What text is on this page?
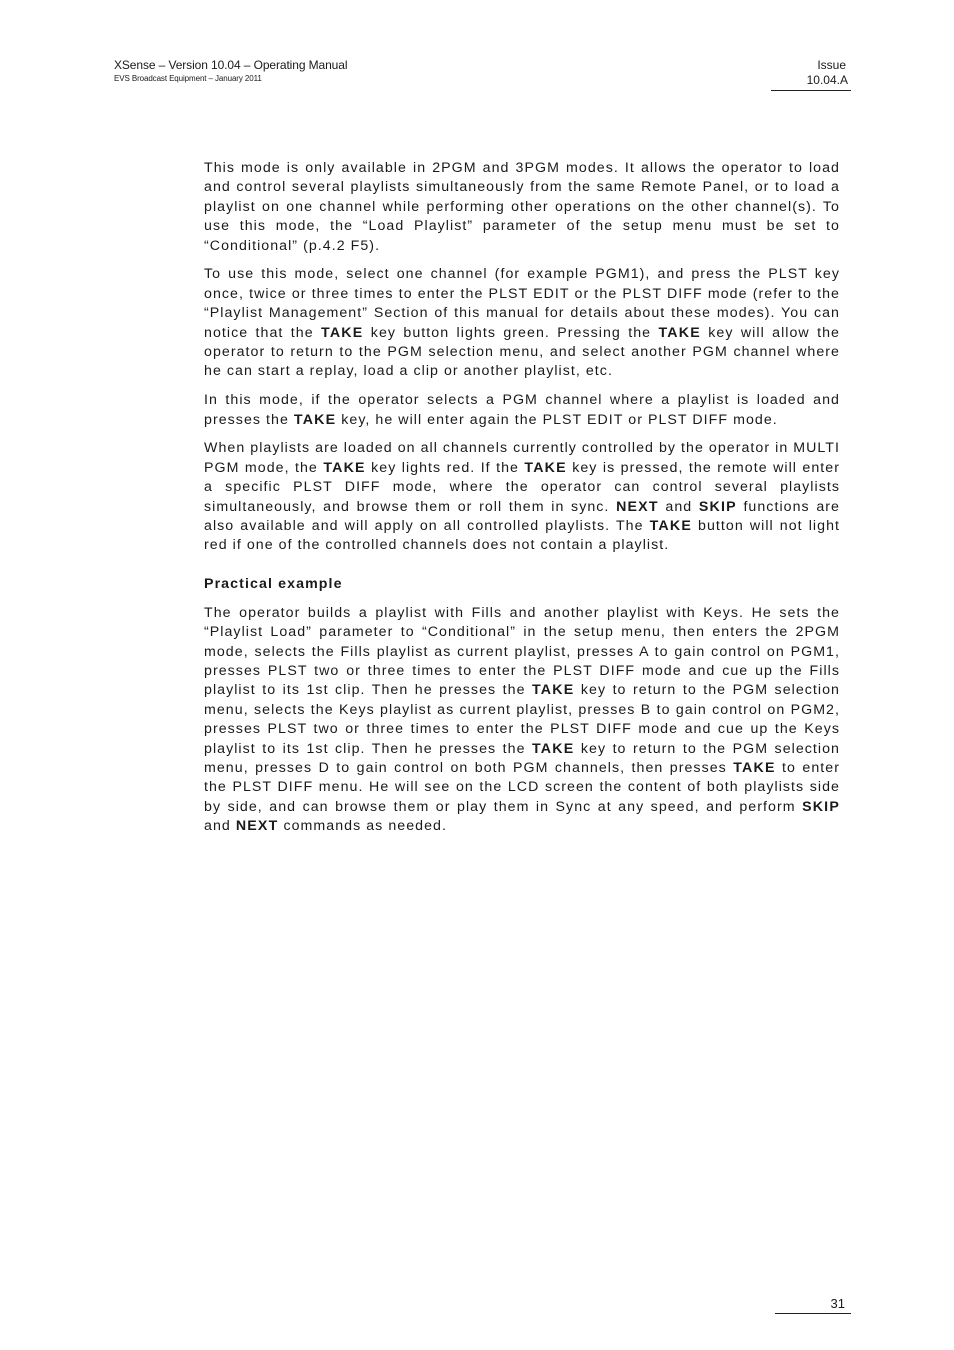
XSense – Version 10.04 – Operating Manual
EVS Broadcast Equipment – January 2011
Issue
10.04.A

This mode is only available in 2PGM and 3PGM modes. It allows the operator to load and control several playlists simultaneously from the same Remote Panel, or to load a playlist on one channel while performing other operations on the other channel(s). To use this mode, the “Load Playlist” parameter of the setup menu must be set to “Conditional” (p.4.2 F5).

To use this mode, select one channel (for example PGM1), and press the PLST key once, twice or three times to enter the PLST EDIT or the PLST DIFF mode (refer to the “Playlist Management” Section of this manual for details about these modes). You can notice that the TAKE key button lights green. Pressing the TAKE key will allow the operator to return to the PGM selection menu, and select another PGM channel where he can start a replay, load a clip or another playlist, etc.

In this mode, if the operator selects a PGM channel where a playlist is loaded and presses the TAKE key, he will enter again the PLST EDIT or PLST DIFF mode.

When playlists are loaded on all channels currently controlled by the operator in MULTI PGM mode, the TAKE key lights red. If the TAKE key is pressed, the remote will enter a specific PLST DIFF mode, where the operator can control several playlists simultaneously, and browse them or roll them in sync. NEXT and SKIP functions are also available and will apply on all controlled playlists. The TAKE button will not light red if one of the controlled channels does not contain a playlist.

Practical example

The operator builds a playlist with Fills and another playlist with Keys. He sets the “Playlist Load” parameter to “Conditional” in the setup menu, then enters the 2PGM mode, selects the Fills playlist as current playlist, presses A to gain control on PGM1, presses PLST two or three times to enter the PLST DIFF mode and cue up the Fills playlist to its 1st clip. Then he presses the TAKE key to return to the PGM selection menu, selects the Keys playlist as current playlist, presses B to gain control on PGM2, presses PLST two or three times to enter the PLST DIFF mode and cue up the Keys playlist to its 1st clip. Then he presses the TAKE key to return to the PGM selection menu, presses D to gain control on both PGM channels, then presses TAKE to enter the PLST DIFF menu. He will see on the LCD screen the content of both playlists side by side, and can browse them or play them in Sync at any speed, and perform SKIP and NEXT commands as needed.

31
